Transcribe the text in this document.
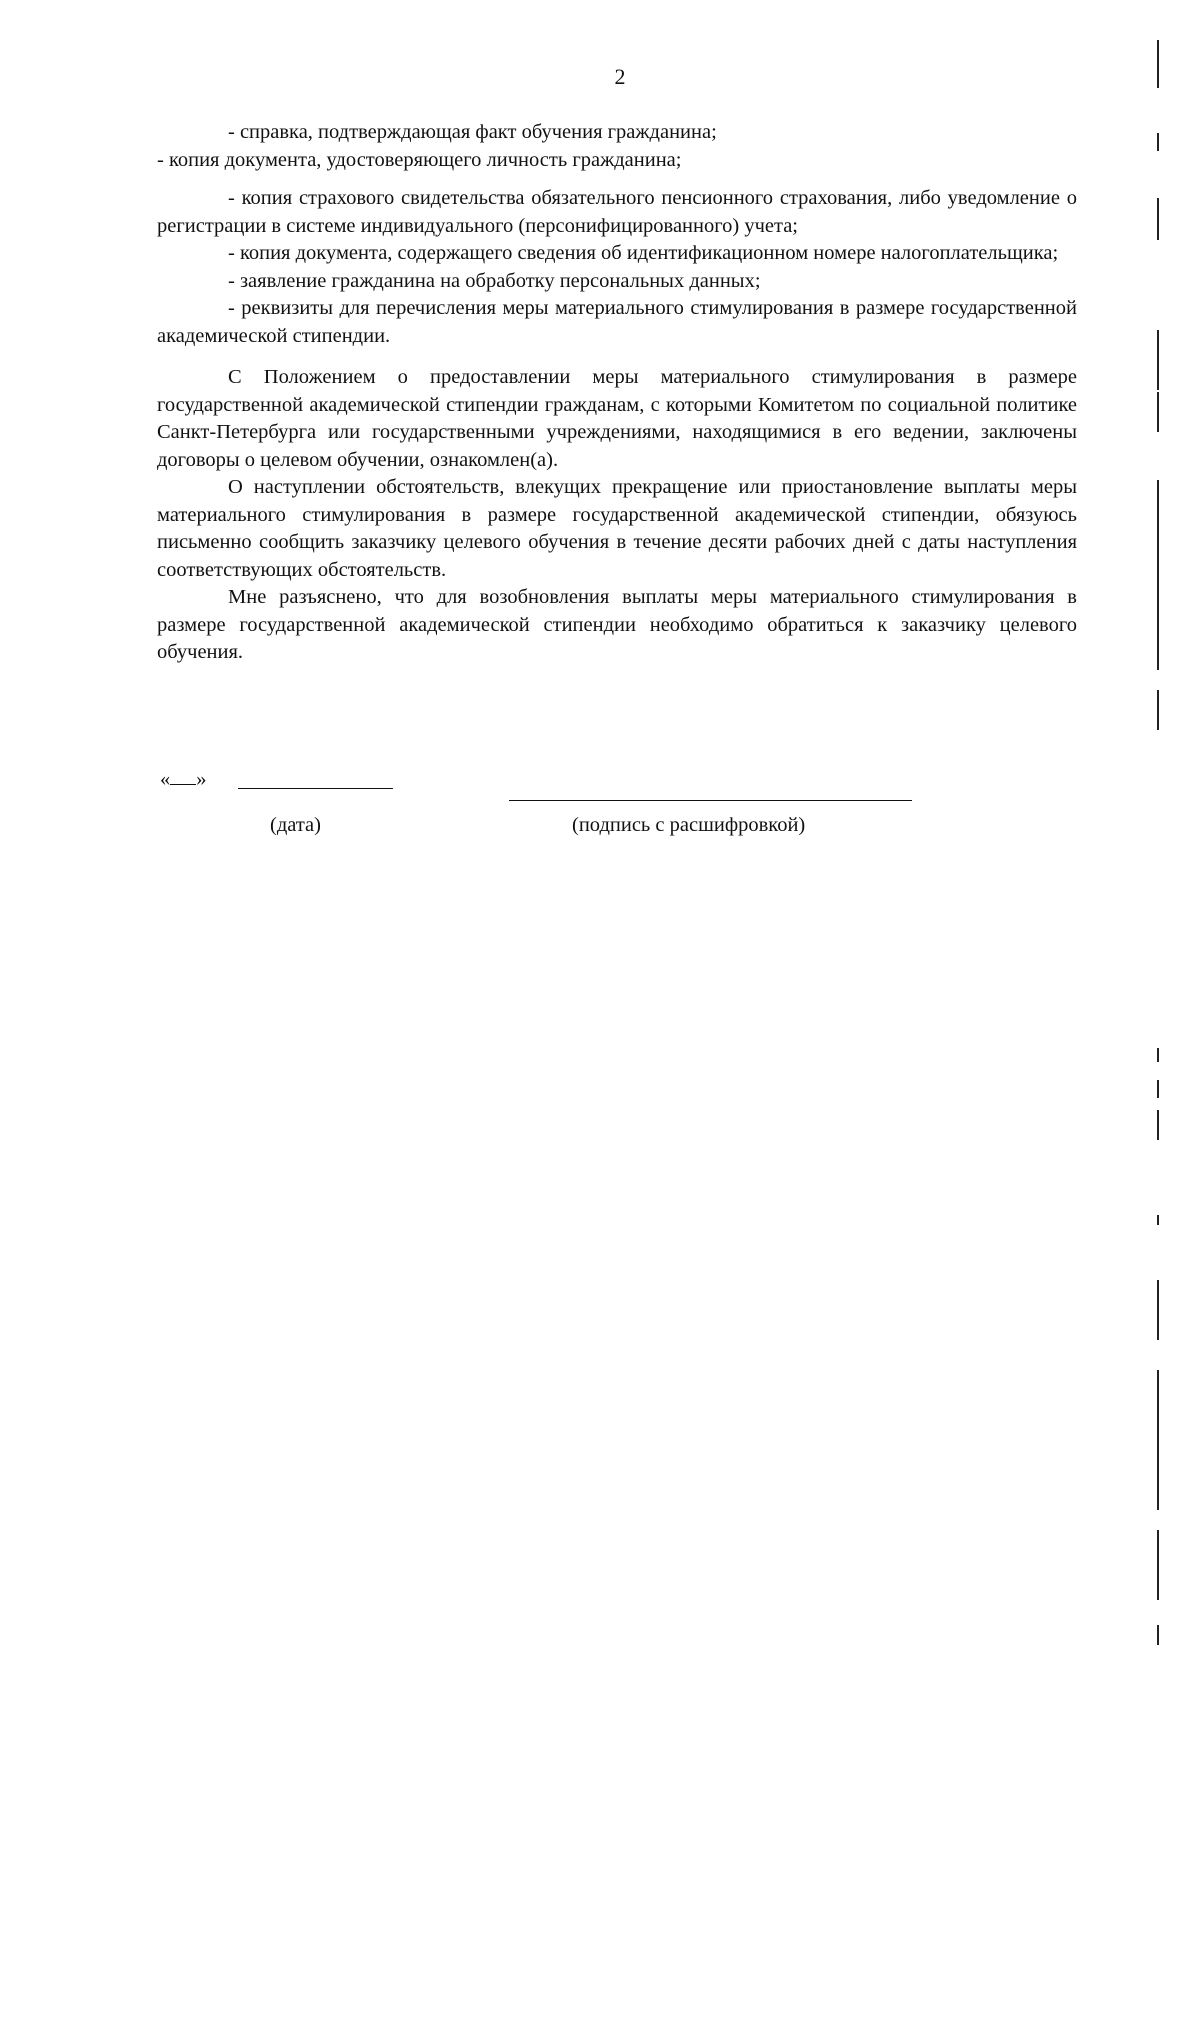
2

- справка, подтверждающая факт обучения гражданина;

- копия документа, удостоверяющего личность гражданина;

- копия страхового свидетельства обязательного пенсионного страхования, либо уведомление о регистрации в системе индивидуального (персонифицированного) учета;

- копия документа, содержащего сведения об идентификационном номере налогоплательщика;

- заявление гражданина на обработку персональных данных;

- реквизиты для перечисления меры материального стимулирования в размере государственной академической стипендии.

С Положением о предоставлении меры материального стимулирования в размере государственной академической стипендии гражданам, с которыми Комитетом по социальной политике Санкт-Петербурга или государственными учреждениями, находящимися в его ведении, заключены договоры о целевом обучении, ознакомлен(а).

О наступлении обстоятельств, влекущих прекращение или приостановление выплаты меры материального стимулирования в размере государственной академической стипендии, обязуюсь письменно сообщить заказчику целевого обучения в течение десяти рабочих дней с даты наступления соответствующих обстоятельств.

Мне разъяснено, что для возобновления выплаты меры материального стимулирования в размере государственной академической стипендии необходимо обратиться к заказчику целевого обучения.

« »
(дата)	(подпись с расшифровкой)
